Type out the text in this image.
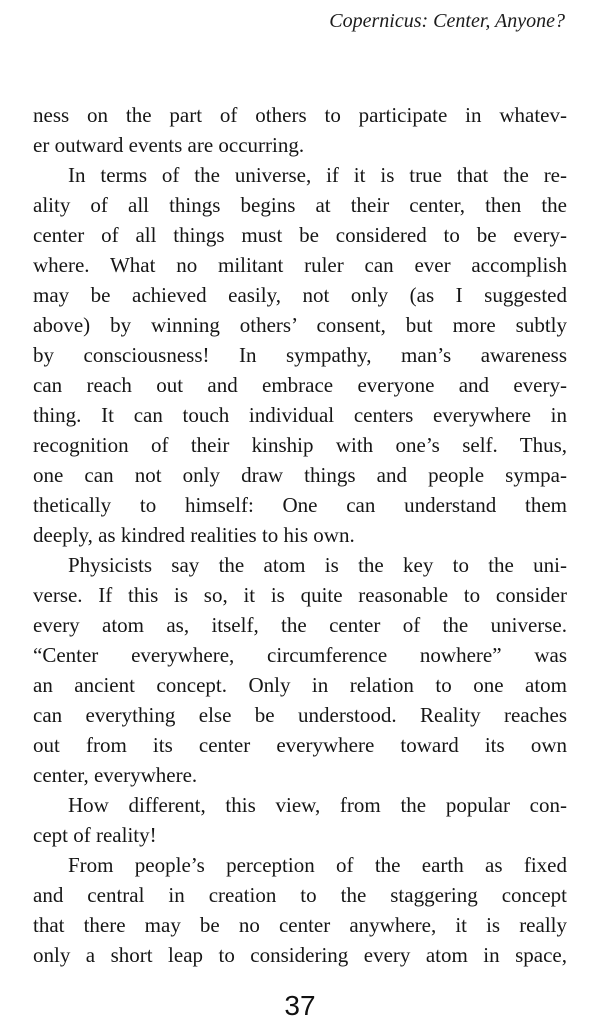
Copernicus: Center, Anyone?
ness on the part of others to participate in whatev-
er outward events are occurring.
In terms of the universe, if it is true that the re-
ality of all things begins at their center, then the
center of all things must be considered to be every-
where. What no militant ruler can ever accomplish
may be achieved easily, not only (as I suggested
above) by winning others’ consent, but more subtly
by consciousness! In sympathy, man’s awareness
can reach out and embrace everyone and every-
thing. It can touch individual centers everywhere in
recognition of their kinship with one’s self. Thus,
one can not only draw things and people sympa-
thetically to himself: One can understand them
deeply, as kindred realities to his own.
Physicists say the atom is the key to the uni-
verse. If this is so, it is quite reasonable to consider
every atom as, itself, the center of the universe.
“Center everywhere, circumference nowhere” was
an ancient concept. Only in relation to one atom
can everything else be understood. Reality reaches
out from its center everywhere toward its own
center, everywhere.
How different, this view, from the popular con-
cept of reality!
From people’s perception of the earth as fixed
and central in creation to the staggering concept
that there may be no center anywhere, it is really
only a short leap to considering every atom in space,
37
